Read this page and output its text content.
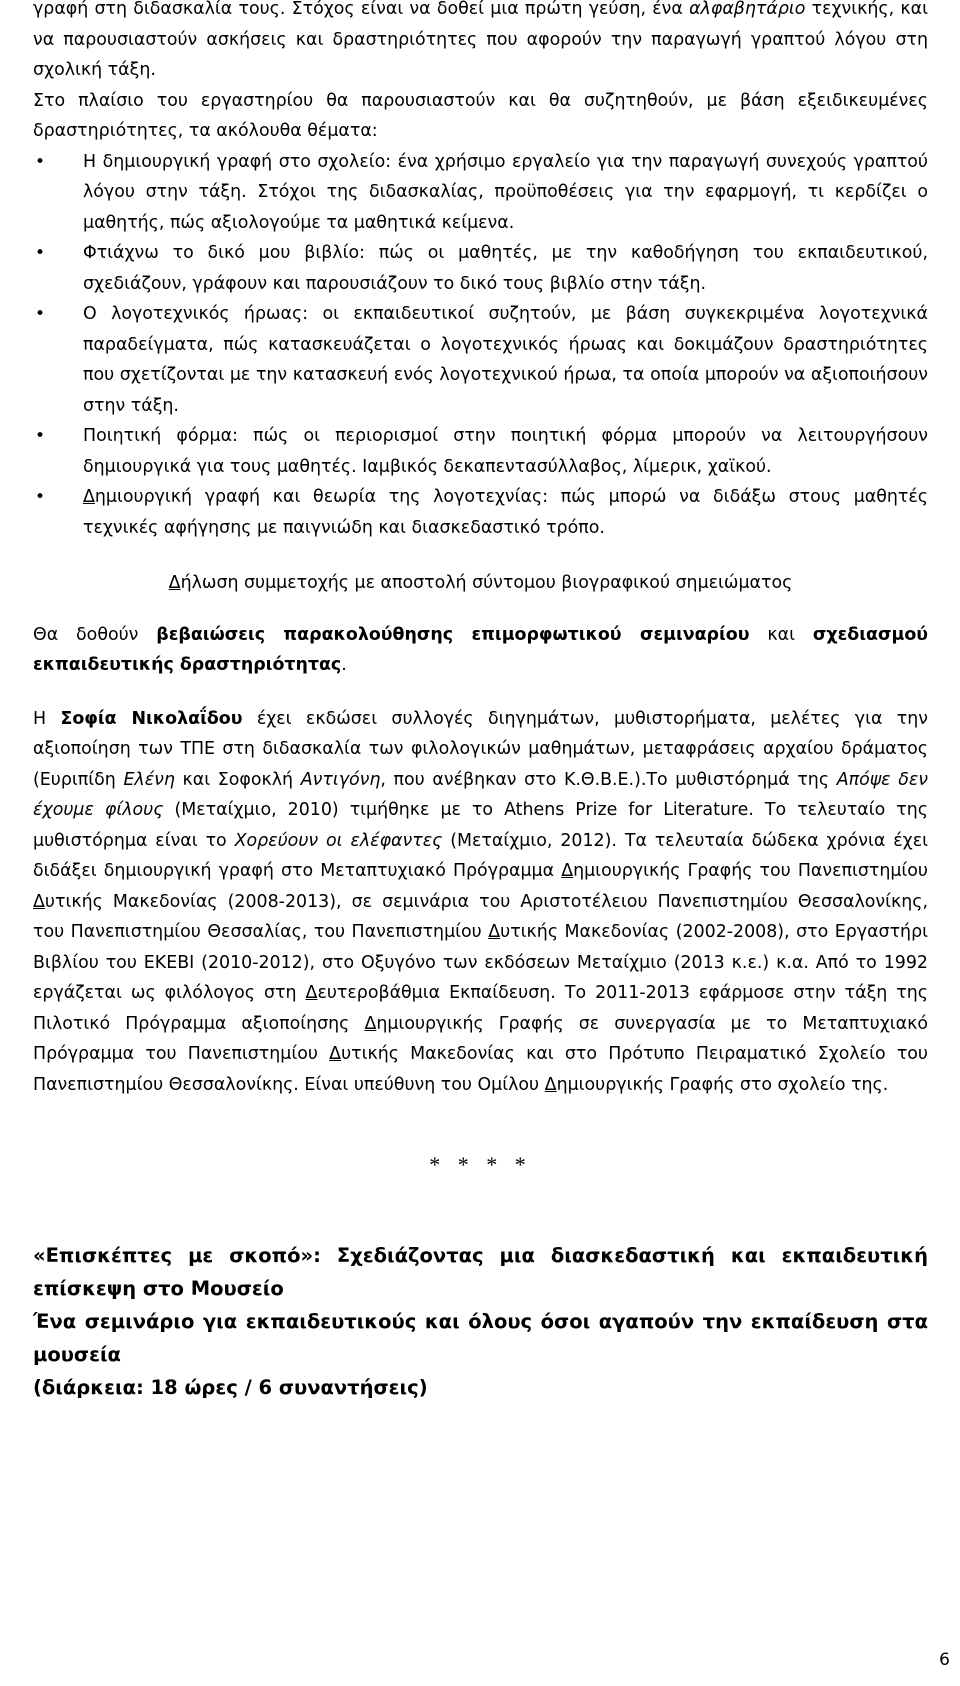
γραφή στη διδασκαλία τους. Στόχος είναι να δοθεί μια πρώτη γεύση, ένα αλφαβητάριο τεχνικής, και να παρουσιαστούν ασκήσεις και δραστηριότητες που αφορούν την παραγωγή γραπτού λόγου στη σχολική τάξη.

Στο πλαίσιο του εργαστηρίου θα παρουσιαστούν και θα συζητηθούν, με βάση εξειδικευμένες δραστηριότητες, τα ακόλουθα θέματα:

• Η δημιουργική γραφή στο σχολείο: ένα χρήσιμο εργαλείο για την παραγωγή συνεχούς γραπτού λόγου στην τάξη. Στόχοι της διδασκαλίας, προϋποθέσεις για την εφαρμογή, τι κερδίζει ο μαθητής, πώς αξιολογούμε τα μαθητικά κείμενα.
• Φτιάχνω το δικό μου βιβλίο: πώς οι μαθητές, με την καθοδήγηση του εκπαιδευτικού, σχεδιάζουν, γράφουν και παρουσιάζουν το δικό τους βιβλίο στην τάξη.
• Ο λογοτεχνικός ήρωας: οι εκπαιδευτικοί συζητούν, με βάση συγκεκριμένα λογοτεχνικά παραδείγματα, πώς κατασκευάζεται ο λογοτεχνικός ήρωας και δοκιμάζουν δραστηριότητες που σχετίζονται με την κατασκευή ενός λογοτεχνικού ήρωα, τα οποία μπορούν να αξιοποιήσουν στην τάξη.
• Ποιητική φόρμα: πώς οι περιορισμοί στην ποιητική φόρμα μπορούν να λειτουργήσουν δημιουργικά για τους μαθητές. Ιαμβικός δεκαπεντασύλλαβος, λίμερικ, χαϊκού.
• Δημιουργική γραφή και θεωρία της λογοτεχνίας: πώς μπορώ να διδάξω στους μαθητές τεχνικές αφήγησης με παιγνιώδη και διασκεδαστικό τρόπο.

Δήλωση συμμετοχής με αποστολή σύντομου βιογραφικού σημειώματος

Θα δοθούν βεβαιώσεις παρακολούθησης επιμορφωτικού σεμιναρίου και σχεδιασμού εκπαιδευτικής δραστηριότητας.

Η Σοφία Νικολαΐδου έχει εκδώσει συλλογές διηγημάτων, μυθιστορήματα, μελέτες για την αξιοποίηση των ΤΠΕ στη διδασκαλία των φιλολογικών μαθημάτων, μεταφράσεις αρχαίου δράματος (Ευριπίδη Ελένη και Σοφοκλή Αντιγόνη, που ανέβηκαν στο Κ.Θ.Β.Ε.).Το μυθιστόρημά της Απόψε δεν έχουμε φίλους (Μεταίχμιο, 2010) τιμήθηκε με το Athens Prize for Literature. Το τελευταίο της μυθιστόρημα είναι το Χορεύουν οι ελέφαντες (Μεταίχμιο, 2012). Τα τελευταία δώδεκα χρόνια έχει διδάξει δημιουργική γραφή στο Μεταπτυχιακό Πρόγραμμα Δημιουργικής Γραφής του Πανεπιστημίου Δυτικής Μακεδονίας (2008-2013), σε σεμινάρια του Αριστοτέλειου Πανεπιστημίου Θεσσαλονίκης, του Πανεπιστημίου Θεσσαλίας, του Πανεπιστημίου Δυτικής Μακεδονίας (2002-2008), στο Εργαστήρι Βιβλίου του ΕΚΕΒΙ (2010-2012), στο Οξυγόνο των εκδόσεων Μεταίχμιο (2013 κ.ε.) κ.α. Από το 1992 εργάζεται ως φιλόλογος στη Δευτεροβάθμια Εκπαίδευση. Το 2011-2013 εφάρμοσε στην τάξη της Πιλοτικό Πρόγραμμα αξιοποίησης Δημιουργικής Γραφής σε συνεργασία με το Μεταπτυχιακό Πρόγραμμα του Πανεπιστημίου Δυτικής Μακεδονίας και στο Πρότυπο Πειραματικό Σχολείο του Πανεπιστημίου Θεσσαλονίκης. Είναι υπεύθυνη του Ομίλου Δημιουργικής Γραφής στο σχολείο της.

* * * *
«Επισκέπτες με σκοπό»: Σχεδιάζοντας μια διασκεδαστική και εκπαιδευτική επίσκεψη στο Μουσείο
Ένα σεμινάριο για εκπαιδευτικούς και όλους όσοι αγαπούν την εκπαίδευση στα μουσεία
(διάρκεια: 18 ώρες / 6 συναντήσεις)
6
